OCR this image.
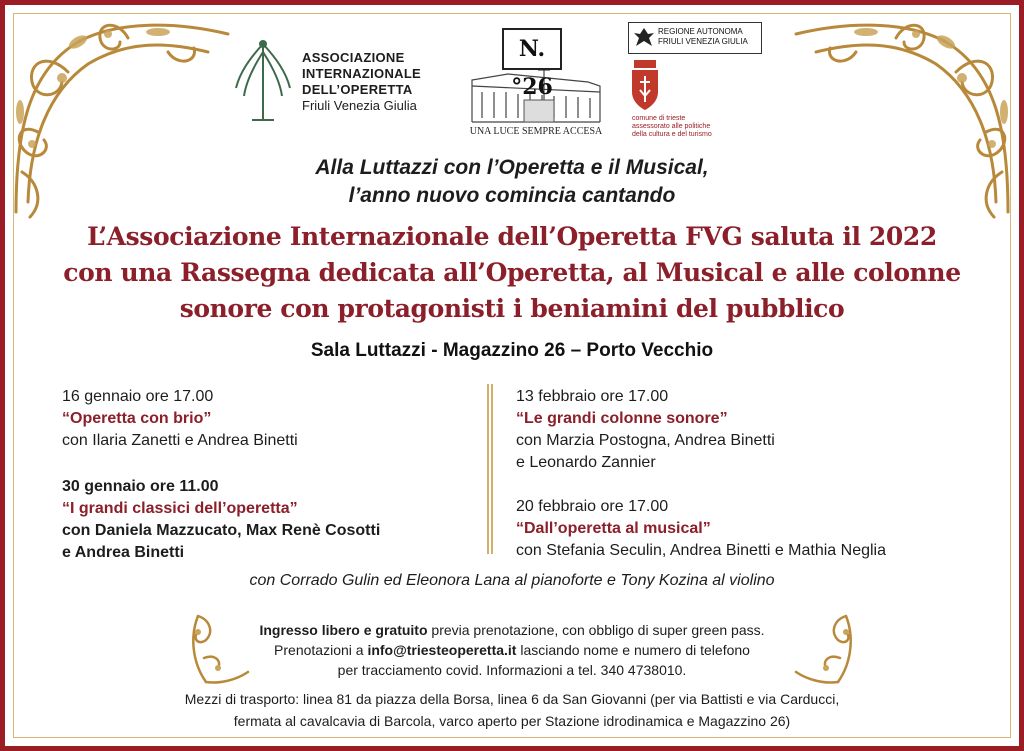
ASSOCIAZIONE
INTERNAZIONALE
DELL’OPERETTA
Friuli Venezia Giulia
N.°26
UNA LUCE SEMPRE ACCESA
REGIONE AUTONOMA
FRIULI VENEZIA GIULIA
comune di trieste
assessorato alle politiche
della cultura e del turismo
Alla Luttazzi con l’Operetta e il Musical,
l’anno nuovo comincia cantando
L’Associazione Internazionale dell’Operetta FVG saluta il 2022
con una Rassegna dedicata all’Operetta, al Musical e alle colonne
sonore con protagonisti i beniamini del pubblico
Sala Luttazzi - Magazzino 26 – Porto Vecchio
16 gennaio ore 17.00
“Operetta con brio”
con Ilaria Zanetti e Andrea Binetti
30 gennaio ore 11.00
“I grandi classici dell’operetta”
con Daniela Mazzucato, Max Renè Cosotti
e Andrea Binetti
13 febbraio ore 17.00
“Le grandi colonne sonore”
con Marzia Postogna, Andrea Binetti
e Leonardo Zannier
20 febbraio ore 17.00
“Dall’operetta al musical”
con Stefania Seculin, Andrea Binetti e Mathia Neglia
con Corrado Gulin ed Eleonora Lana al pianoforte e Tony Kozina al violino
Ingresso libero e gratuito previa prenotazione, con obbligo di super green pass.
Prenotazioni a info@triesteoperetta.it lasciando nome e numero di telefono
per tracciamento covid. Informazioni a tel. 340 4738010.
Mezzi di trasporto: linea 81 da piazza della Borsa, linea 6 da San Giovanni (per via Battisti e via Carducci,
fermata al cavalcavia di Barcola, varco aperto per Stazione idrodinamica e Magazzino 26)
